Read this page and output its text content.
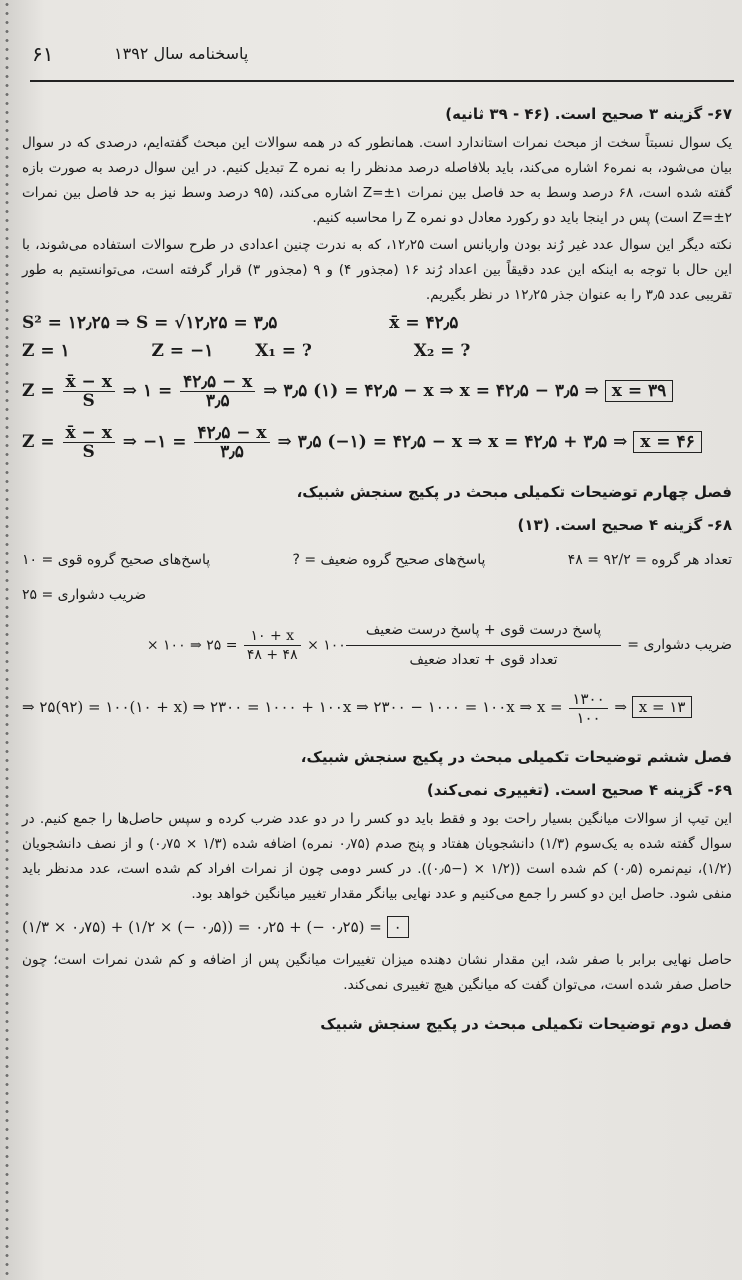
۶۱	پاسخنامه سال ۱۳۹۲
۶۷- گزینه ۳ صحیح است. (۴۶ - ۳۹ ثانیه)

یک سوال نسبتاً سخت از مبحث نمرات استاندارد است. همانطور که در همه سوالات این مبحث گفته‌ایم، درصدی که در سوال بیان می‌شود، به نمره۶ اشاره می‌کند، باید بلافاصله درصد مدنظر را به نمره Z تبدیل کنیم. در این سوال درصد به صورت بازه گفته شده است، ۶۸ درصد وسط به حد فاصل بین نمرات Z=±۱ اشاره می‌کند، (۹۵ درصد وسط نیز به حد فاصل بین نمرات Z=±۲ است) پس در اینجا باید دو رکورد معادل دو نمره Z را محاسبه کنیم.

نکته دیگر این سوال عدد غیر رُند بودن واریانس است ۱۲٫۲۵، که به ندرت چنین اعدادی در طرح سوالات استفاده می‌شوند، با این حال با توجه به اینکه این عدد دقیقاً بین اعداد رُند ۱۶ (مجذور ۴) و ۹ (مجذور ۳) قرار گرفته است، می‌توانستیم به طور تقریبی عدد ۳٫۵ را به عنوان جذر ۱۲٫۲۵ در نظر بگیریم.

S² = ۱۲٫۲۵ ⇒ S = √۱۲٫۲۵ = ۳٫۵	x̄ = ۴۲٫۵
Z = ۱	Z = −۱ X₁ = ?	X₂ = ?
$Z = \frac{x̄ - x}{S}$ ⇒ ۱ = $\frac{۴۲٫۵ - x}{۳٫۵}$ ⇒ ۳٫۵ (۱) = ۴۲٫۵ − x ⇒ x = ۴۲٫۵ − ۳٫۵ ⇒ x = ۳۹
$Z = \frac{x̄ - x}{S}$ ⇒ −۱ = $\frac{۴۲٫۵ - x}{۳٫۵}$ ⇒ ۳٫۵ (−۱) = ۴۲٫۵ − x ⇒ x = ۴۲٫۵ + ۳٫۵ ⇒ x = ۴۶
فصل چهارم توضیحات تکمیلی مبحث در پکیج سنجش شبیک،
۶۸- گزینه ۴ صحیح است. (۱۳)
تعداد هر گروه = ۹۲/۲ = ۴۸
پاسخ‌های صحیح گروه ضعیف = ?
پاسخ‌های صحیح گروه قوی = ۱۰
ضریب دشواری = ۲۵
ضریب دشواری =
$\frac{\text{پاسخ درست قوی + پاسخ درست ضعیف}}{\text{تعداد قوی + تعداد ضعیف}}$
× ۱۰۰ ⇒ ۲۵ = $\frac{۱۰ + x}{۴۸ + ۴۸}$ × ۱۰۰
⇒ ۲۵(۹۲) = ۱۰۰(۱۰ + x) ⇒ ۲۳۰۰ = ۱۰۰۰ + ۱۰۰x ⇒ ۲۳۰۰ − ۱۰۰۰ = ۱۰۰x ⇒ $x = \frac{۱۳۰۰}{۱۰۰}$ ⇒ x = ۱۳
فصل ششم توضیحات تکمیلی مبحث در پکیج سنجش شبیک،
۶۹- گزینه ۴ صحیح است. (تغییری نمی‌کند)

این تیپ از سوالات میانگین بسیار راحت بود و فقط باید دو کسر را در دو عدد ضرب کرده و سپس حاصل‌ها را جمع کنیم. در سوال گفته شده به یک‌سوم (۱/۳) دانشجویان هفتاد و پنج صدم (۰٫۷۵ نمره) اضافه شده (۱/۳ × ۰٫۷۵) و از نصف دانشجویان (۱/۲)، نیم‌نمره (۰٫۵) کم شده است ((۱/۲ × (−۰٫۵)). در کسر دومی چون از نمرات افراد کم شده است، عدد مدنظر باید منفی شود. حاصل این دو کسر را جمع می‌کنیم و عدد نهایی بیانگر مقدار تغییر میانگین خواهد بود.

(۱/۳ × ۰٫۷۵) + (۱/۲ × (− ۰٫۵)) = ۰٫۲۵ + (− ۰٫۲۵) = ۰

حاصل نهایی برابر با صفر شد، این مقدار نشان دهنده میزان تغییرات میانگین پس از اضافه و کم شدن نمرات است؛ چون حاصل صفر شده است، می‌توان گفت که میانگین هیچ تغییری نمی‌کند.

فصل دوم توضیحات تکمیلی مبحث در پکیج سنجش شبیک
